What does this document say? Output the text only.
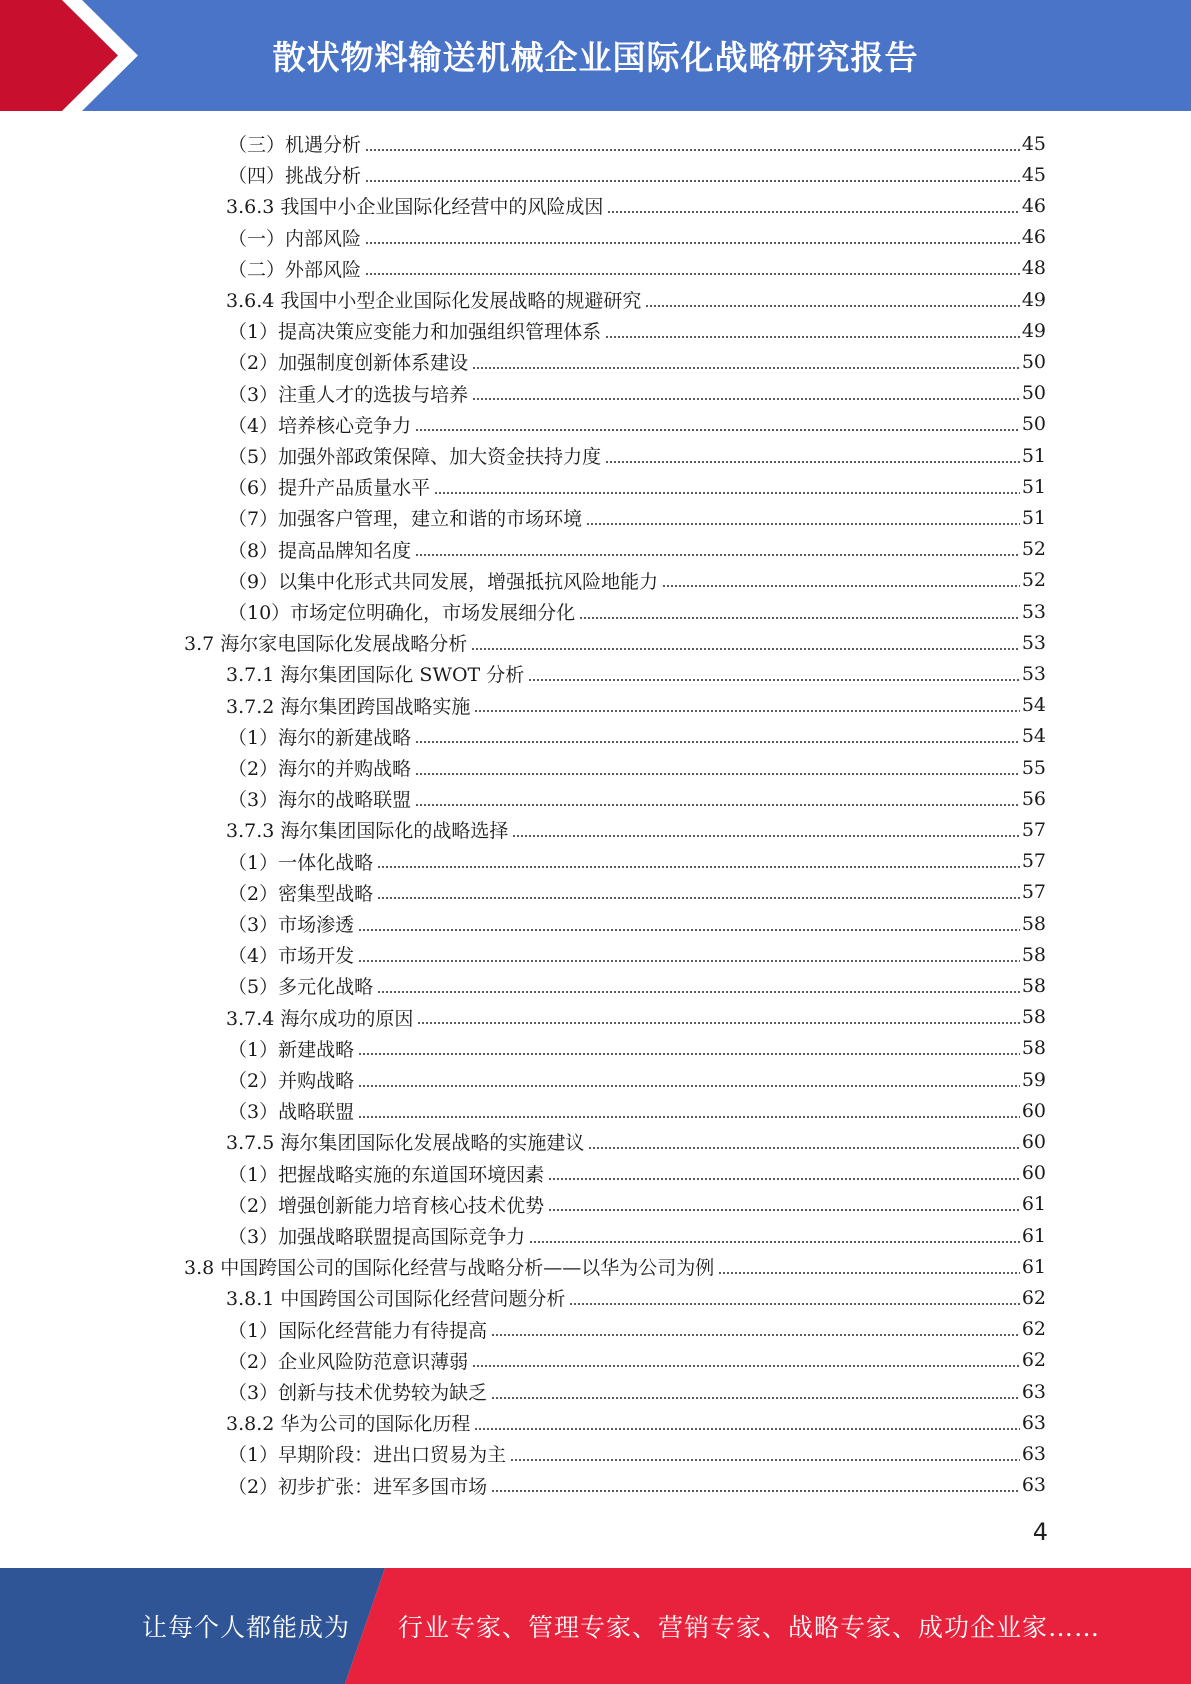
散状物料输送机械企业国际化战略研究报告
（三）机遇分析	45
（四）挑战分析	45
3.6.3 我国中小企业国际化经营中的风险成因	46
（一）内部风险	46
（二）外部风险	48
3.6.4 我国中小型企业国际化发展战略的规避研究	49
（1）提高决策应变能力和加强组织管理体系	49
（2）加强制度创新体系建设	50
（3）注重人才的选拔与培养	50
（4）培养核心竞争力	50
（5）加强外部政策保障、加大资金扶持力度	51
（6）提升产品质量水平	51
（7）加强客户管理，建立和谐的市场环境	51
（8）提高品牌知名度	52
（9）以集中化形式共同发展，增强抵抗风险地能力	52
（10）市场定位明确化，市场发展细分化	53
3.7 海尔家电国际化发展战略分析	53
3.7.1 海尔集团国际化 SWOT 分析	53
3.7.2 海尔集团跨国战略实施	54
（1）海尔的新建战略	54
（2）海尔的并购战略	55
（3）海尔的战略联盟	56
3.7.3 海尔集团国际化的战略选择	57
（1）一体化战略	57
（2）密集型战略	57
（3）市场渗透	58
（4）市场开发	58
（5）多元化战略	58
3.7.4 海尔成功的原因	58
（1）新建战略	58
（2）并购战略	59
（3）战略联盟	60
3.7.5 海尔集团国际化发展战略的实施建议	60
（1）把握战略实施的东道国环境因素	60
（2）增强创新能力培育核心技术优势	61
（3）加强战略联盟提高国际竞争力	61
3.8 中国跨国公司的国际化经营与战略分析——以华为公司为例	61
3.8.1 中国跨国公司国际化经营问题分析	62
（1）国际化经营能力有待提高	62
（2）企业风险防范意识薄弱	62
（3）创新与技术优势较为缺乏	63
3.8.2 华为公司的国际化历程	63
（1）早期阶段：进出口贸易为主	63
（2）初步扩张：进军多国市场	63
4
让每个人都能成为 行业专家、管理专家、营销专家、战略专家、成功企业家……
